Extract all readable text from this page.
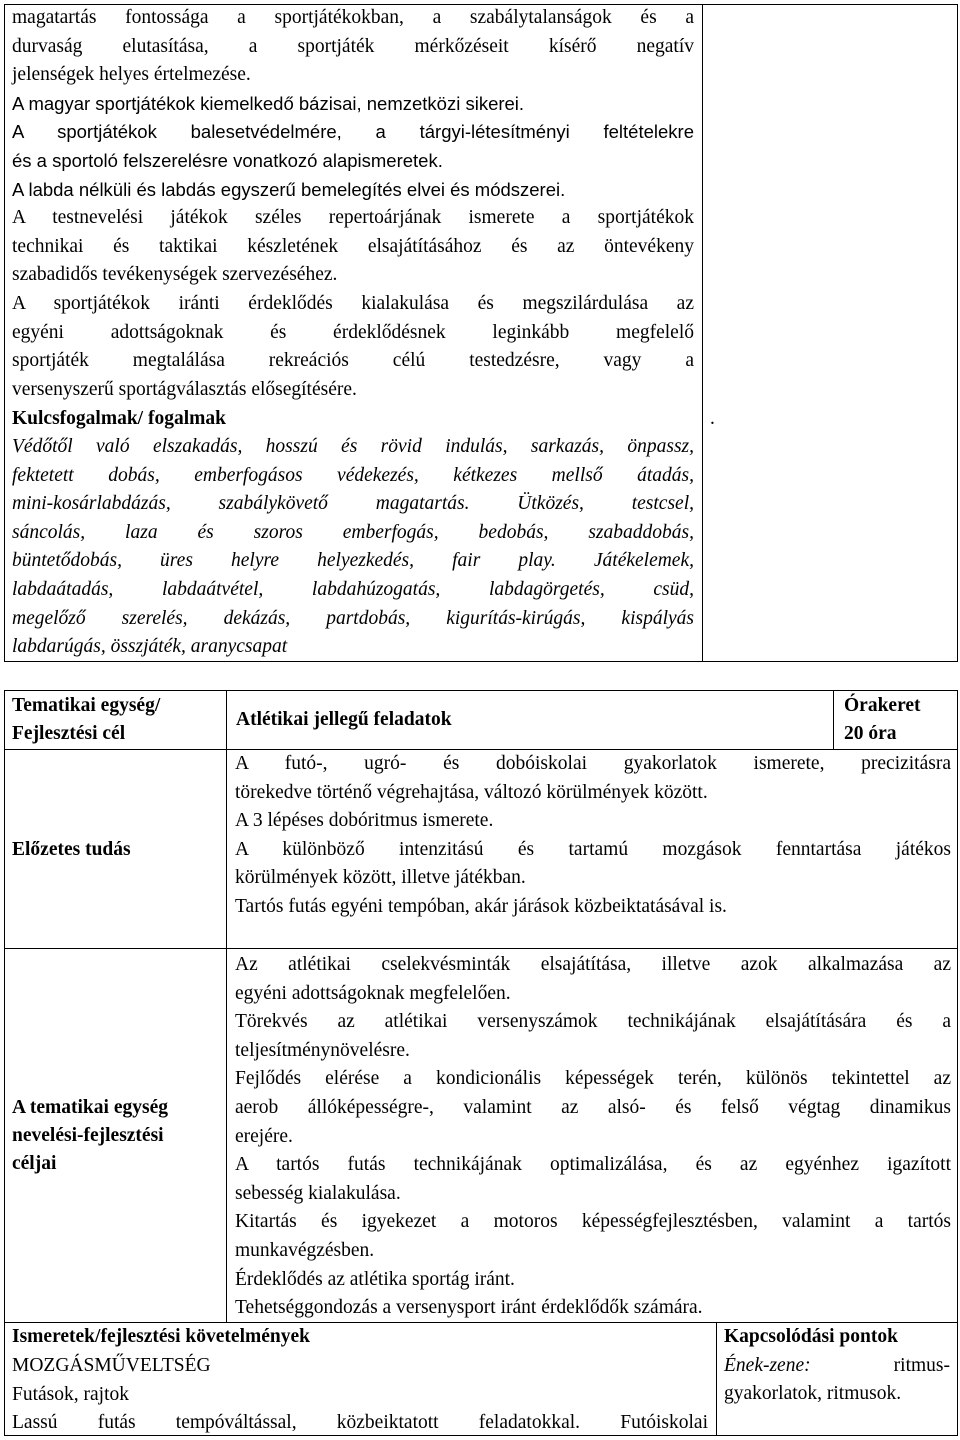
magatartás fontossága a sportjátékokban, a szabálytalanságok és a
durvaság elutasítása, a sportjáték mérkőzéseit kísérő negatív
jelenségek helyes értelmezése.
A magyar sportjátékok kiemelkedő bázisai, nemzetközi sikerei.
A sportjátékok balesetvédelmére, a tárgyi-létesítményi feltételekre
és a sportoló felszerelésre vonatkozó alapismeretek.
A labda nélküli és labdás egyszerű bemelegítés elvei és módszerei.
A testnevelési játékok széles repertoárjának ismerete a sportjátékok
technikai és taktikai készletének elsajátításához és az öntevékeny
szabadidős tevékenységek szervezéséhez.
A sportjátékok iránti érdeklődés kialakulása és megszilárdulása az
egyéni adottságoknak és érdeklődésnek leginkább megfelelő
sportjáték megtalálása rekreációs célú testedzésre, vagy a
versenyszerű sportágválasztás elősegítésére.
Kulcsfogalmak/ fogalmak
Védőtől való elszakadás, hosszú és rövid indulás, sarkazás, önpassz,
fektetett dobás, emberfogásos védekezés, kétkezes mellső átadás,
mini-kosárlabdázás, szabálykövető magatartás. Ütközés, testcsel,
sáncolás, laza és szoros emberfogás, bedobás, szabaddobás,
büntetődobás, üres helyre helyezkedés, fair play. Játékelemek,
labdaátadás, labdaátvétel, labdahúzogatás, labdagörgetés, csüd,
megelőző szerelés, dekázás, partdobás, kigurítás-kirúgás, kispályás
labdarúgás, összjáték, aranycsapat
.
Tematikai egység/
Fejlesztési cél
Atlétikai jellegű feladatok
Órakeret
20 óra
Előzetes tudás
A futó-, ugró- és dobóiskolai gyakorlatok ismerete, precizitásra
törekedve történő végrehajtása, változó körülmények között.
A 3 lépéses dobóritmus ismerete.
A különböző intenzitású és tartamú mozgások fenntartása játékos
körülmények között, illetve játékban.
Tartós futás egyéni tempóban, akár járások közbeiktatásával is.
A tematikai egység
nevelési-fejlesztési
céljai
Az atlétikai cselekvésminták elsajátítása, illetve azok alkalmazása az
egyéni adottságoknak megfelelően.
Törekvés az atlétikai versenyszámok technikájának elsajátítására és a
teljesítménynövelésre.
Fejlődés elérése a kondicionális képességek terén, különös tekintettel az
aerob állóképességre-, valamint az alsó- és felső végtag dinamikus
erejére.
A tartós futás technikájának optimalizálása, és az egyénhez igazított
sebesség kialakulása.
Kitartás és igyekezet a motoros képességfejlesztésben, valamint a tartós
munkavégzésben.
Érdeklődés az atlétika sportág iránt.
Tehetséggondozás a versenysport iránt érdeklődők számára.
Ismeretek/fejlesztési követelmények	Kapcsolódási pontok
MOZGÁSMŰVELTSÉG
Futások, rajtok
Lassú futás tempóváltással, közbeiktatott feladatokkal. Futóiskolai
Ének-zene:	ritmus-
gyakorlatok, ritmusok.
